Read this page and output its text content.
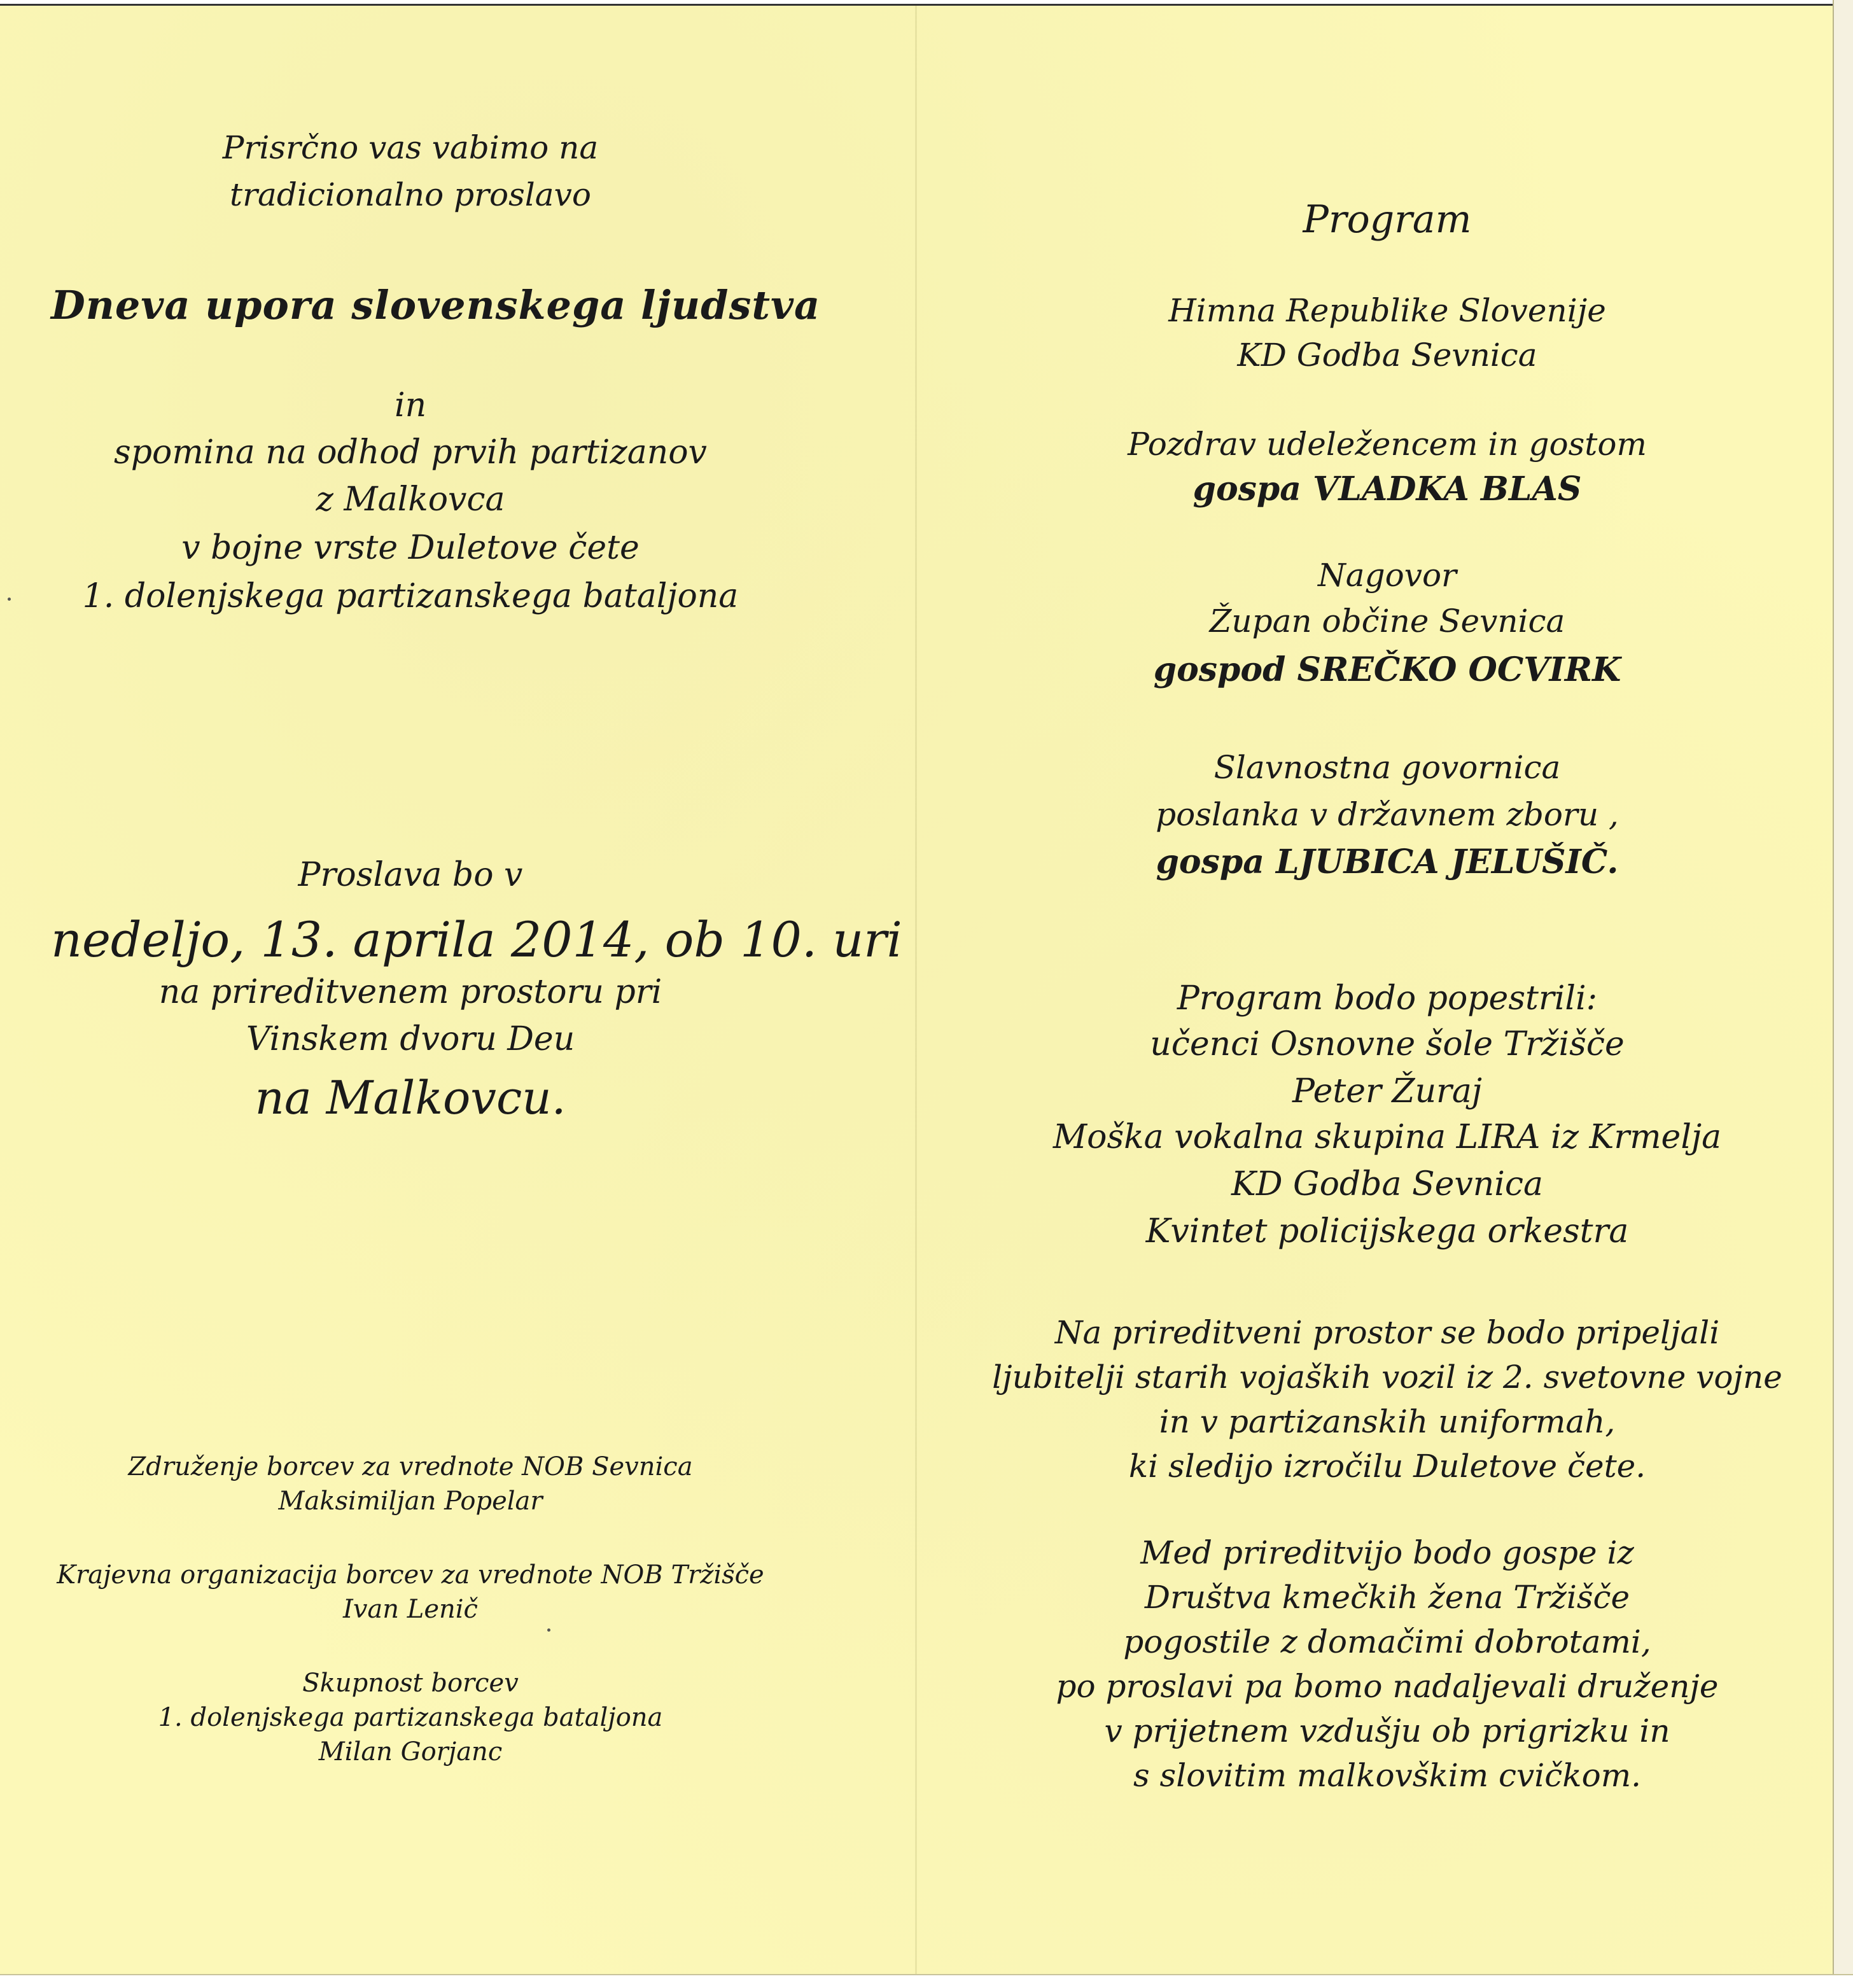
Prisrčno vas vabimo na
tradicionalno proslavo
Dneva upora slovenskega ljudstva
in
spomina na odhod prvih partizanov
z Malkovca
v bojne vrste Duletove čete
1. dolenjskega partizanskega bataljona
Proslava bo v
nedeljo, 13. aprila 2014, ob 10. uri
na prireditvenem prostoru pri
Vinskem dvoru Deu
na Malkovcu.
Združenje borcev za vrednote NOB Sevnica
Maksimiljan Popelar
Krajevna organizacija borcev za vrednote NOB Tržišče
Ivan Lenič
Skupnost borcev
1. dolenjskega partizanskega bataljona
Milan Gorjanc
Program
Himna Republike Slovenije
KD Godba Sevnica
Pozdrav udeležencem in gostom
gospa VLADKA BLAS
Nagovor
Župan občine Sevnica
gospod SREČKO OCVIRK
Slavnostna govornica
poslanka v državnem zboru ,
gospa LJUBICA JELUŠIČ.
Program bodo popestrili:
učenci Osnovne šole Tržišče
Peter Žuraj
Moška vokalna skupina LIRA iz Krmelja
KD Godba Sevnica
Kvintet policijskega orkestra
Na prireditveni prostor se bodo pripeljali
ljubitelji starih vojaških vozil iz 2. svetovne vojne
in v partizanskih uniformah,
ki sledijo izročilu Duletove čete.
Med prireditvijo bodo gospe iz
Društva kmečkih žena Tržišče
pogostile z domačimi dobrotami,
po proslavi pa bomo nadaljevali druženje
v prijetnem vzdušju ob prigrizku in
s slovitim malkovškim cvičkom.
